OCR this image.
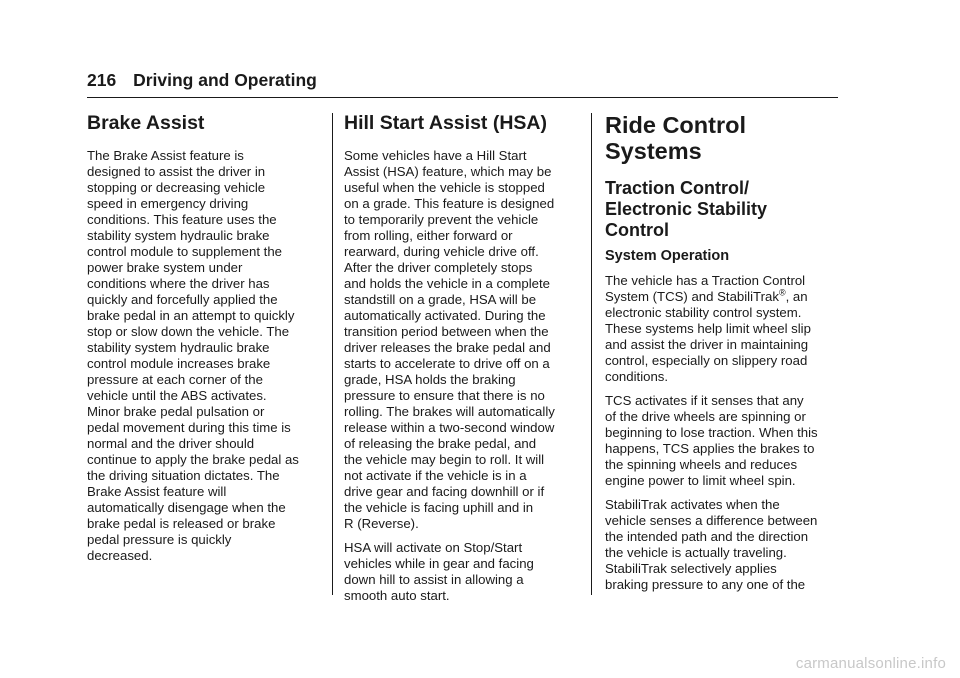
216 Driving and Operating
Brake Assist

The Brake Assist feature is
designed to assist the driver in
stopping or decreasing vehicle
speed in emergency driving
conditions. This feature uses the
stability system hydraulic brake
control module to supplement the
power brake system under
conditions where the driver has
quickly and forcefully applied the
brake pedal in an attempt to quickly
stop or slow down the vehicle. The
stability system hydraulic brake
control module increases brake
pressure at each corner of the
vehicle until the ABS activates.
Minor brake pedal pulsation or
pedal movement during this time is
normal and the driver should
continue to apply the brake pedal as
the driving situation dictates. The
Brake Assist feature will
automatically disengage when the
brake pedal is released or brake
pedal pressure is quickly
decreased.

Hill Start Assist (HSA)

Some vehicles have a Hill Start
Assist (HSA) feature, which may be
useful when the vehicle is stopped
on a grade. This feature is designed
to temporarily prevent the vehicle
from rolling, either forward or
rearward, during vehicle drive off.
After the driver completely stops
and holds the vehicle in a complete
standstill on a grade, HSA will be
automatically activated. During the
transition period between when the
driver releases the brake pedal and
starts to accelerate to drive off on a
grade, HSA holds the braking
pressure to ensure that there is no
rolling. The brakes will automatically
release within a two-second window
of releasing the brake pedal, and
the vehicle may begin to roll. It will
not activate if the vehicle is in a
drive gear and facing downhill or if
the vehicle is facing uphill and in
R (Reverse).

HSA will activate on Stop/Start
vehicles while in gear and facing
down hill to assist in allowing a
smooth auto start.

Ride Control Systems
Traction Control/
Electronic Stability
Control
System Operation

The vehicle has a Traction Control
System (TCS) and StabiliTrak®, an
electronic stability control system.
These systems help limit wheel slip
and assist the driver in maintaining
control, especially on slippery road
conditions.

TCS activates if it senses that any
of the drive wheels are spinning or
beginning to lose traction. When this
happens, TCS applies the brakes to
the spinning wheels and reduces
engine power to limit wheel spin.

StabiliTrak activates when the
vehicle senses a difference between
the intended path and the direction
the vehicle is actually traveling.
StabiliTrak selectively applies
braking pressure to any one of the

carmanualsonline.info
